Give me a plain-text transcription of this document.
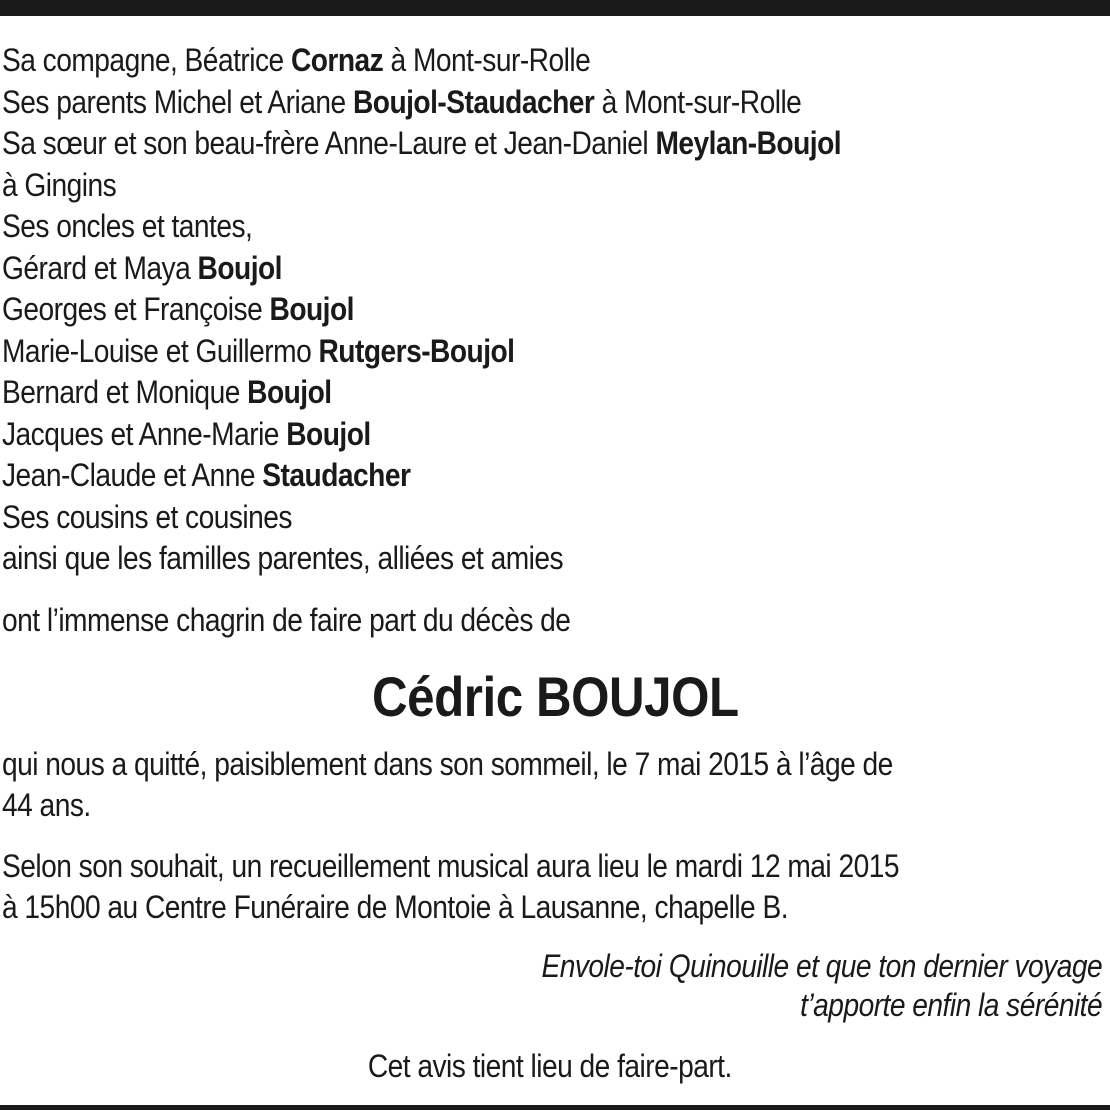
Sa compagne, Béatrice Cornaz à Mont-sur-Rolle
Ses parents Michel et Ariane Boujol-Staudacher à Mont-sur-Rolle
Sa sœur et son beau-frère Anne-Laure et Jean-Daniel Meylan-Boujol
à Gingins
Ses oncles et tantes,
Gérard et Maya Boujol
Georges et Françoise Boujol
Marie-Louise et Guillermo Rutgers-Boujol
Bernard et Monique Boujol
Jacques et Anne-Marie Boujol
Jean-Claude et Anne Staudacher
Ses cousins et cousines
ainsi que les familles parentes, alliées et amies
ont l’immense chagrin de faire part du décès de
Cédric BOUJOL
qui nous a quitté, paisiblement dans son sommeil, le 7 mai 2015 à l’âge de
44 ans.
Selon son souhait, un recueillement musical aura lieu le mardi 12 mai 2015
à 15h00 au Centre Funéraire de Montoie à Lausanne, chapelle B.
Envole-toi Quinouille et que ton dernier voyage
t’apporte enfin la sérénité
Cet avis tient lieu de faire-part.
